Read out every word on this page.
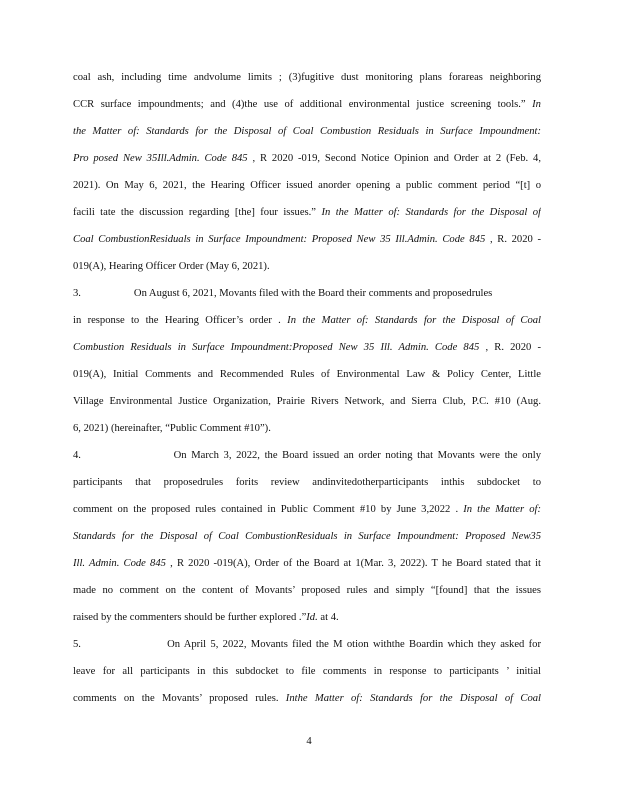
coal ash, including time andvolume limits ; (3)fugitive dust monitoring plans forareas neighboring
CCR surface impoundments; and (4)the use of additional environmental justice screening tools.” In
the Matter of: Standards for the Disposal of Coal Combustion Residuals in Surface Impoundment:
Pro posed New 35Ill.Admin. Code 845 , R 2020 -019, Second Notice Opinion and Order at 2 (Feb. 4,
2021). On May 6, 2021, the Hearing Officer issued anorder opening a public comment period “[t] o
facili tate the discussion regarding [the] four issues.” In the Matter of: Standards for the Disposal of
Coal CombustionResiduals in Surface Impoundment: Proposed New 35 Ill.Admin. Code 845 , R. 2020 -
019(A), Hearing Officer Order (May 6, 2021).
3.                    On August 6, 2021, Movants filed with the Board their comments and proposedrules
in response to the Hearing Officer’s order . In the Matter of: Standards for the Disposal of Coal
Combustion Residuals in Surface Impoundment:Proposed New 35 Ill. Admin. Code 845 , R. 2020 -
019(A), Initial Comments and Recommended Rules of Environmental Law & Policy Center, Little
Village Environmental Justice Organization, Prairie Rivers Network, and Sierra Club, P.C. #10 (Aug.
6, 2021) (hereinafter, “Public Comment #10”).
4.                    On March 3, 2022, the Board issued an order noting that Movants were the only
participants that proposedrules forits review andinvitedotherparticipants inthis subdocket to
comment on the proposed rules contained in Public Comment #10 by June 3,2022 . In the Matter of:
Standards for the Disposal of Coal CombustionResiduals in Surface Impoundment: Proposed New35
Ill. Admin. Code 845 , R 2020 -019(A), Order of the Board at 1(Mar. 3, 2022). T he Board stated that it
made no comment on the content of Movants’ proposed rules and simply “[found] that the issues
raised by the commenters should be further explored .”Id. at 4.
5.                    On April 5, 2022, Movants filed the M otion withthe Boardin which they asked for
leave for all participants in this subdocket to file comments in response to participants ’ initial
comments on the Movants’ proposed rules. Inthe Matter of: Standards for the Disposal of Coal
4
